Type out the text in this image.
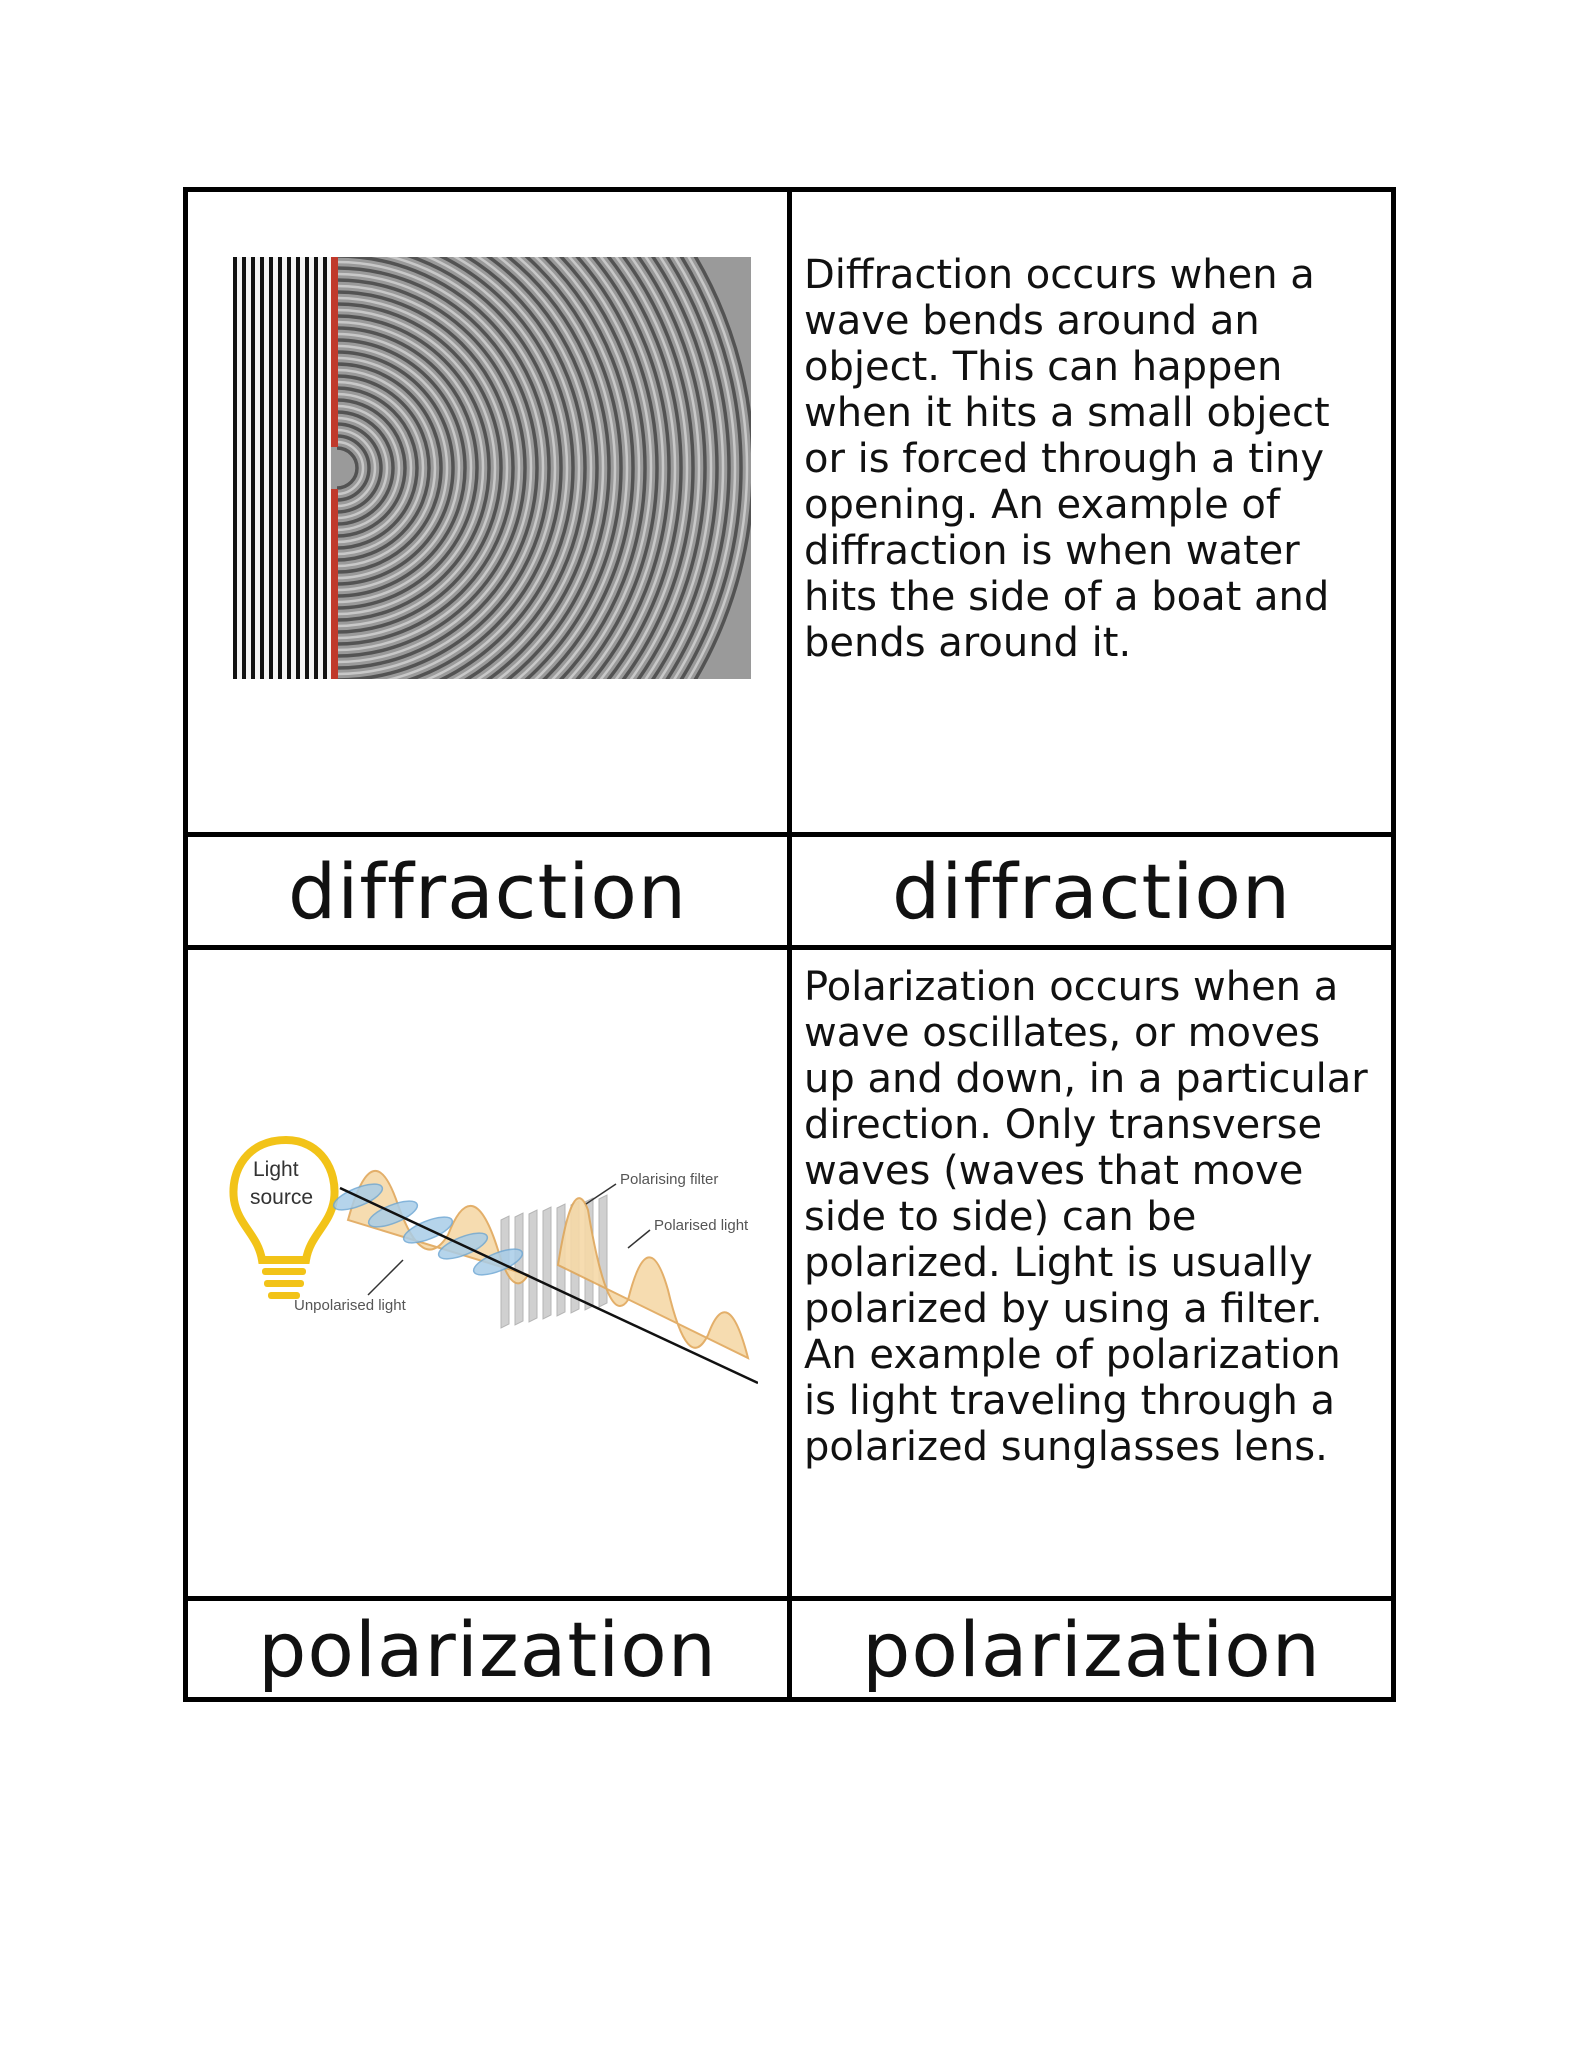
Diffraction occurs when a wave bends around an object. This can happen when it hits a small object or is forced through a tiny opening. An example of diffraction is when water hits the side of a boat and bends around it.
diffraction	diffraction
Light
source
Polarising filter
Polarised light
Unpolarised light
Polarization occurs when a wave oscillates, or moves up and down, in a particular direction. Only transverse waves (waves that move side to side) can be polarized. Light is usually polarized by using a filter. An example of polarization is light traveling through a polarized sunglasses lens.
polarization	polarization
